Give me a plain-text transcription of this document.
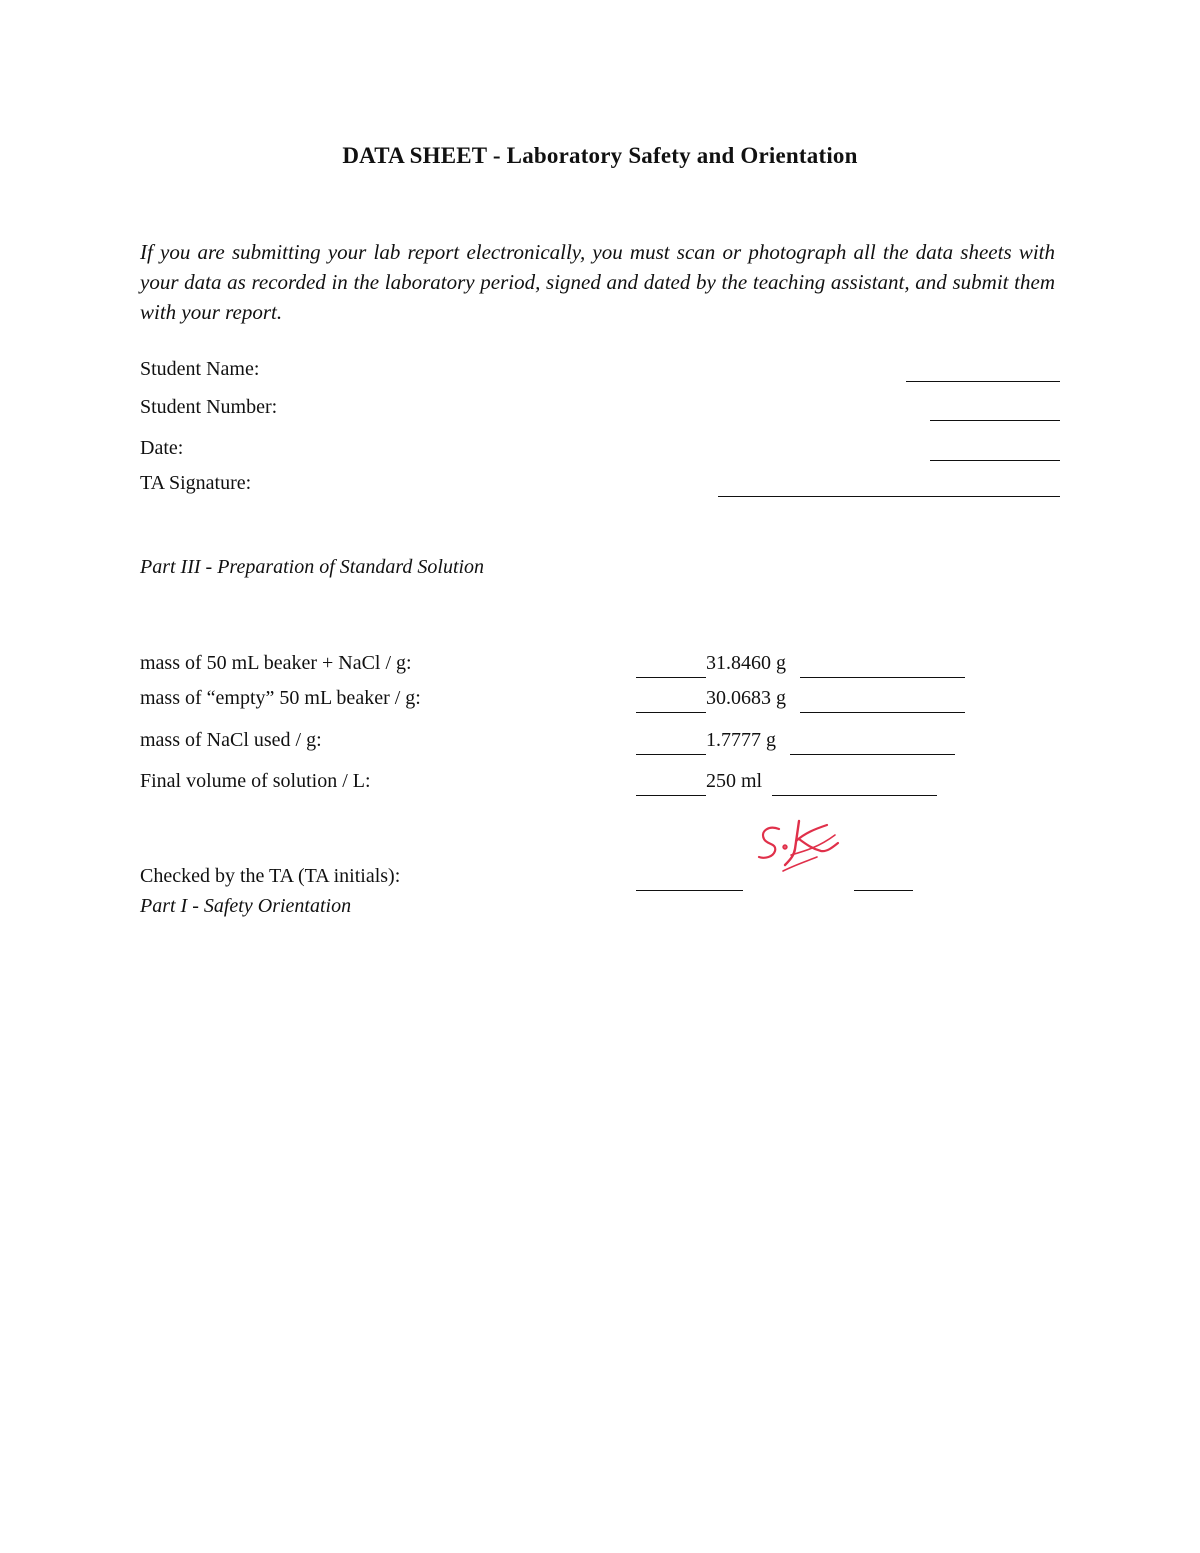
DATA SHEET - Laboratory Safety and Orientation
If you are submitting your lab report electronically, you must scan or photograph all the data sheets with your data as recorded in the laboratory period, signed and dated by the teaching assistant, and submit them with your report.
Student Name:
Student Number:
Date:
TA Signature:
Part III - Preparation of Standard Solution
mass of 50 mL beaker + NaCl / g:	31.8460 g
mass of “empty” 50 mL beaker / g:	30.0683 g
mass of NaCl used / g:	1.7777 g
Final volume of solution / L:	250 ml
Checked by the TA (TA initials):
Part I - Safety Orientation
